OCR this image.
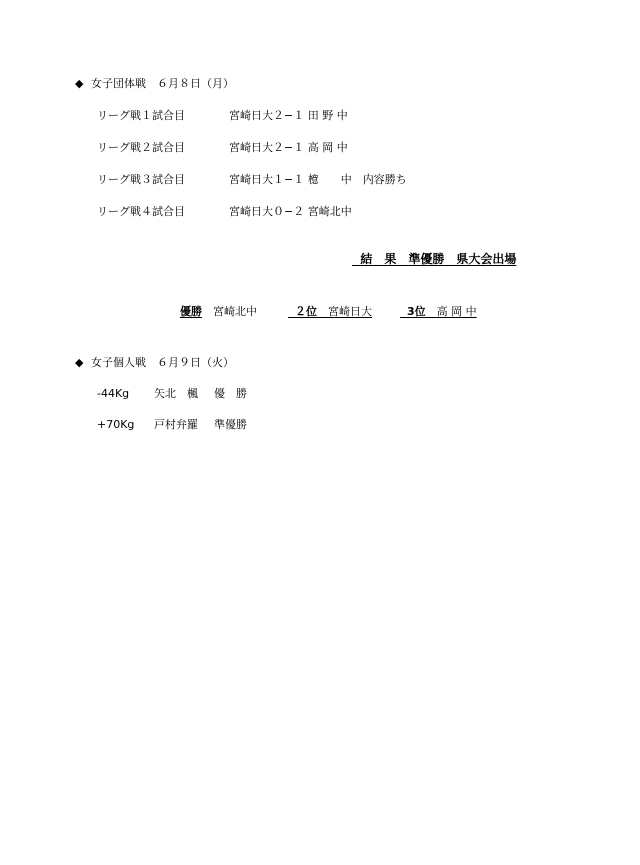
◆ 女子団体戦　６月８日（月）

リーグ戦１試合目	宮崎日大２−１ 田 野 中

リーグ戦２試合目	宮崎日大２−１ 高 岡 中

リーグ戦３試合目	宮崎日大１−１ 檍　　中　内容勝ち

リーグ戦４試合目	宮崎日大０−２ 宮崎北中

結　果　 準優勝　県大会出場

優勝　 宮崎北中	２位　 宮崎日大	3位　 高 岡 中

◆ 女子個人戦　６月９日（火）

-44Kg	矢北　楓	優　勝

+70Kg	戸村弁羅	準優勝
